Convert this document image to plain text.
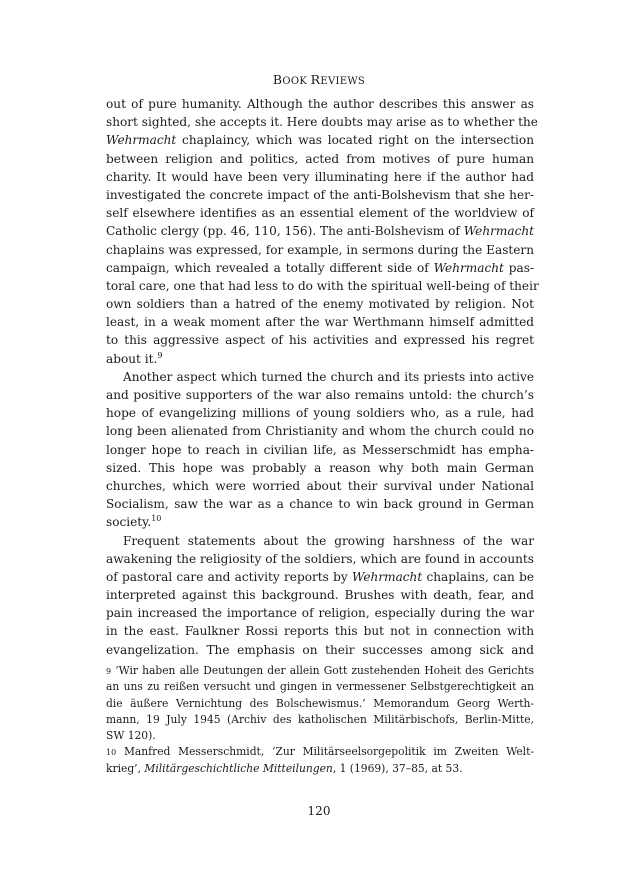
BOOK REVIEWS
out of pure humanity. Although the author describes this answer as
short sighted, she accepts it. Here doubts may arise as to whether the
Wehrmacht chaplaincy, which was located right on the intersection
between religion and politics, acted from motives of pure human
charity. It would have been very illuminating here if the author had
investigated the concrete impact of the anti-Bolshevism that she her-
self elsewhere identifies as an essential element of the worldview of
Catholic clergy (pp. 46, 110, 156). The anti-Bolshevism of Wehrmacht
chaplains was expressed, for example, in sermons during the Eastern
campaign, which revealed a totally different side of Wehrmacht pas-
toral care, one that had less to do with the spiritual well-being of their
own soldiers than a hatred of the enemy motivated by religion. Not
least, in a weak moment after the war Werthmann himself admitted
to this aggressive aspect of his activities and expressed his regret
about it.$^9$
Another aspect which turned the church and its priests into active
and positive supporters of the war also remains untold: the church’s
hope of evangelizing millions of young soldiers who, as a rule, had
long been alienated from Christianity and whom the church could no
longer hope to reach in civilian life, as Messerschmidt has empha-
sized. This hope was probably a reason why both main German
churches, which were worried about their survival under National
Socialism, saw the war as a chance to win back ground in German
society.$^{10}$
Frequent statements about the growing harshness of the war
awakening the religiosity of the soldiers, which are found in accounts
of pastoral care and activity reports by Wehrmacht chaplains, can be
interpreted against this background. Brushes with death, fear, and
pain increased the importance of religion, especially during the war
in the east. Faulkner Rossi reports this but not in connection with
evangelization. The emphasis on their successes among sick and
$^9$ ‘Wir haben alle Deutungen der allein Gott zustehenden Hoheit des Gerichts
an uns zu reißen versucht und gingen in vermessener Selbstgerechtigkeit an
die äußere Vernichtung des Bolschewismus.’ Memorandum Georg Werth-
mann, 19 July 1945 (Archiv des katholischen Militärbischofs, Berlin-Mitte,
SW 120).
$^{10}$ Manfred Messerschmidt, ‘Zur Militärseelsorgepolitik im Zweiten Welt-
krieg’, Militärgeschichtliche Mitteilungen, 1 (1969), 37–85, at 53.
120
